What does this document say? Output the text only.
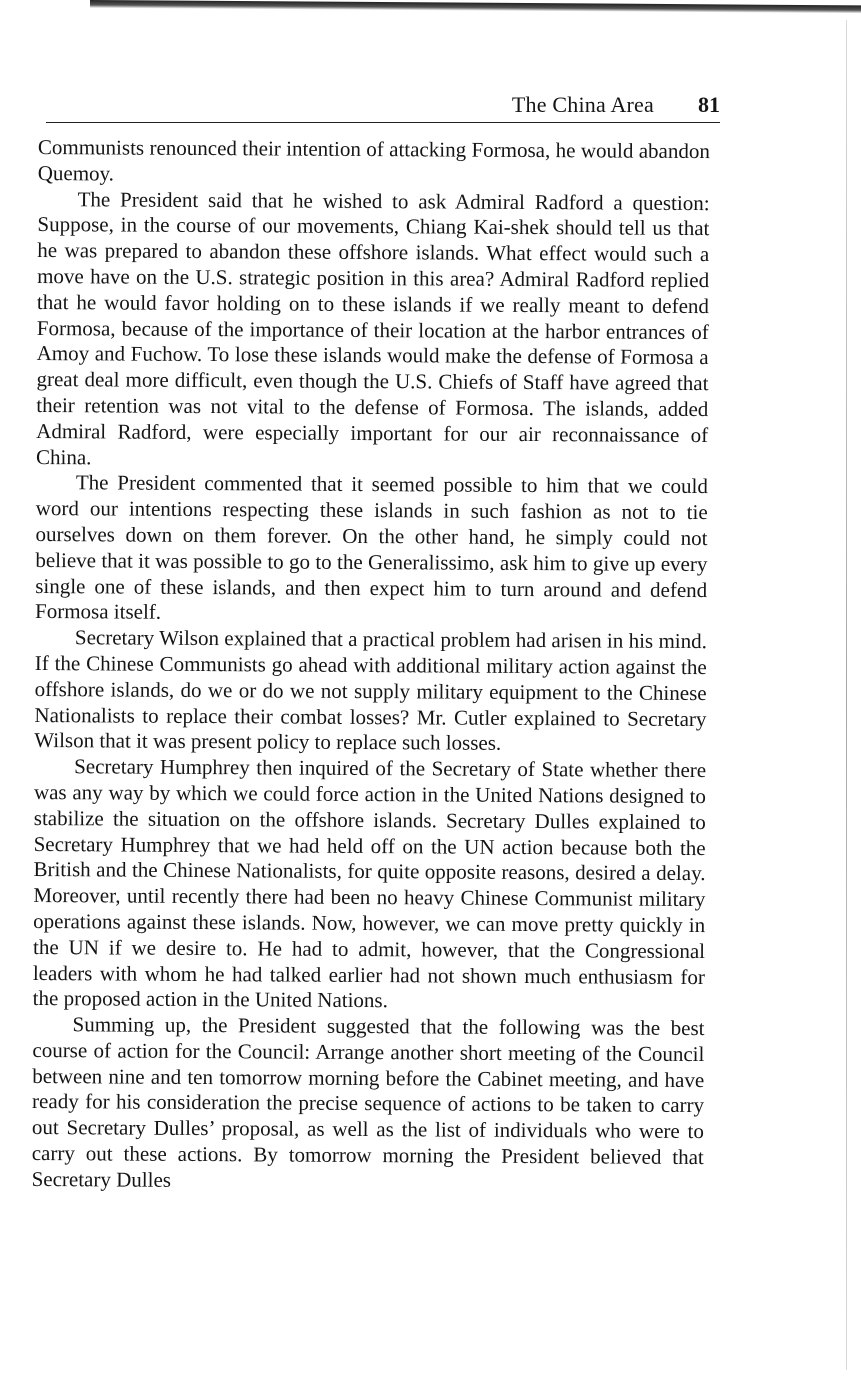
The China Area 81

Communists renounced their intention of attacking Formosa, he would abandon Quemoy.

The President said that he wished to ask Admiral Radford a question: Suppose, in the course of our movements, Chiang Kai-shek should tell us that he was prepared to abandon these offshore islands. What effect would such a move have on the U.S. strategic position in this area? Admiral Radford replied that he would favor holding on to these islands if we really meant to defend Formosa, because of the importance of their location at the harbor entrances of Amoy and Fuchow. To lose these islands would make the defense of Formosa a great deal more difficult, even though the U.S. Chiefs of Staff have agreed that their retention was not vital to the defense of Formosa. The islands, added Admiral Radford, were especially important for our air reconnaissance of China.

The President commented that it seemed possible to him that we could word our intentions respecting these islands in such fashion as not to tie ourselves down on them forever. On the other hand, he simply could not believe that it was possible to go to the Generalissimo, ask him to give up every single one of these islands, and then expect him to turn around and defend Formosa itself.

Secretary Wilson explained that a practical problem had arisen in his mind. If the Chinese Communists go ahead with additional military action against the offshore islands, do we or do we not supply military equipment to the Chinese Nationalists to replace their combat losses? Mr. Cutler explained to Secretary Wilson that it was present policy to replace such losses.

Secretary Humphrey then inquired of the Secretary of State whether there was any way by which we could force action in the United Nations designed to stabilize the situation on the offshore islands. Secretary Dulles explained to Secretary Humphrey that we had held off on the UN action because both the British and the Chinese Nationalists, for quite opposite reasons, desired a delay. Moreover, until recently there had been no heavy Chinese Communist military operations against these islands. Now, however, we can move pretty quickly in the UN if we desire to. He had to admit, however, that the Congressional leaders with whom he had talked earlier had not shown much enthusiasm for the proposed action in the United Nations.

Summing up, the President suggested that the following was the best course of action for the Council: Arrange another short meeting of the Council between nine and ten tomorrow morning before the Cabinet meeting, and have ready for his consideration the precise sequence of actions to be taken to carry out Secretary Dulles’ proposal, as well as the list of individuals who were to carry out these actions. By tomorrow morning the President believed that Secretary Dulles
